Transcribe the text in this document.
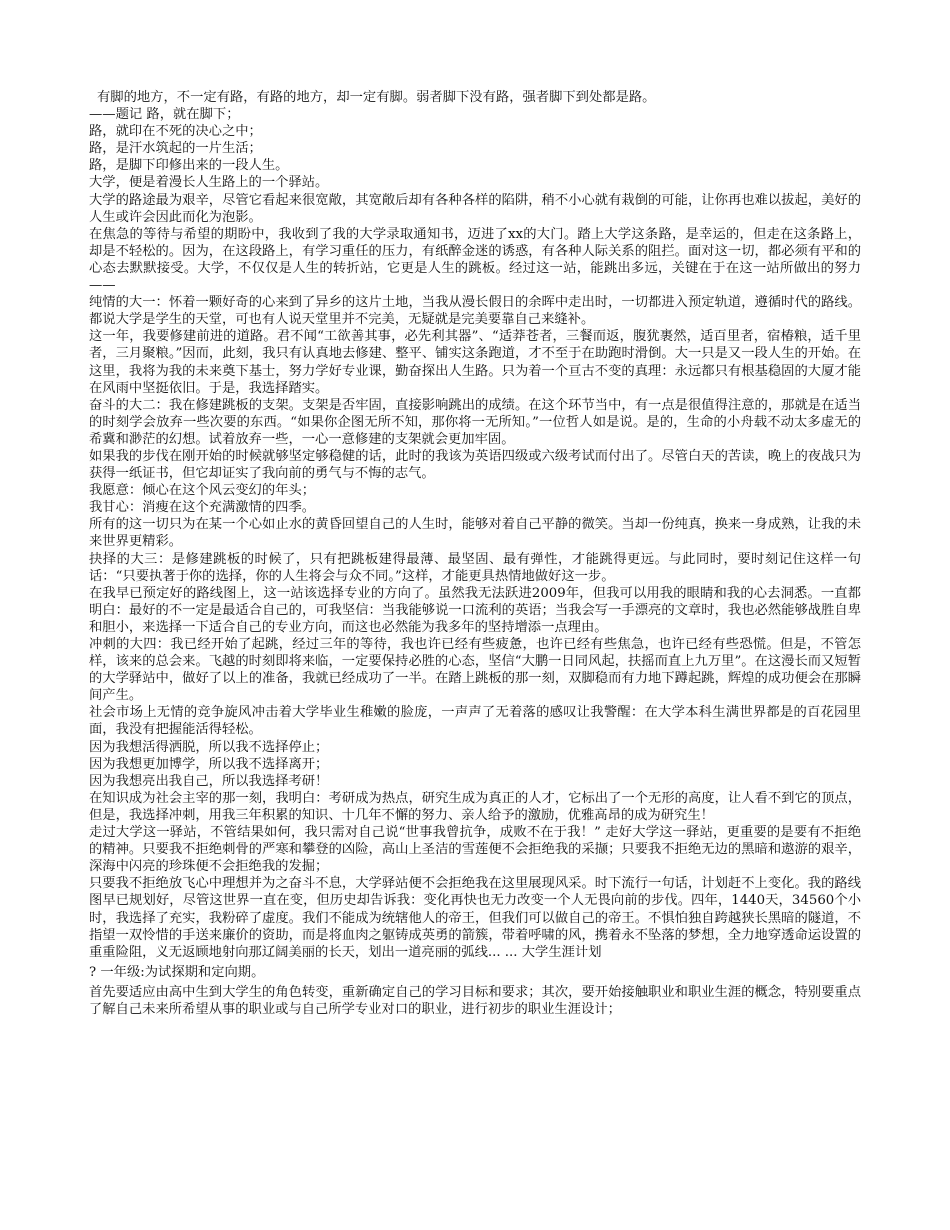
有脚的地方，不一定有路，有路的地方，却一定有脚。弱者脚下没有路，强者脚下到处都是路。

——题记 路，就在脚下；

路，就印在不死的决心之中；

路，是汗水筑起的一片生活；

路，是脚下印修出来的一段人生。

大学，便是着漫长人生路上的一个驿站。

大学的路途最为艰辛，尽管它看起来很宽敞，其宽敞后却有各种各样的陷阱，稍不小心就有栽倒的可能，让你再也难以拔起，美好的人生或许会因此而化为泡影。

在焦急的等待与希望的期盼中，我收到了我的大学录取通知书，迈进了xx的大门。踏上大学这条路，是幸运的，但走在这条路上，却是不轻松的。因为，在这段路上，有学习重任的压力，有纸醉金迷的诱惑，有各种人际关系的阻拦。面对这一切，都必须有平和的心态去默默接受。大学，不仅仅是人生的转折站，它更是人生的跳板。经过这一站，能跳出多远，关键在于在这一站所做出的努力——

纯情的大一：怀着一颗好奇的心来到了异乡的这片土地，当我从漫长假日的余晖中走出时，一切都进入预定轨道，遵循时代的路线。都说大学是学生的天堂，可也有人说天堂里并不完美，无疑就是完美要靠自己来缝补。

这一年，我要修建前进的道路。君不闻“工欲善其事，必先利其器”、“适莽苍者，三餐而返，腹犹裹然，适百里者，宿椿粮，适千里者，三月聚粮。”因而，此刻，我只有认真地去修建、整平、铺实这条跑道，才不至于在助跑时滑倒。大一只是又一段人生的开始。在这里，我将为我的未来奠下基士，努力学好专业课，勤奋探出人生路。只为着一个亘古不变的真理：永远都只有根基稳固的大厦才能在风雨中坚挺依旧。于是，我选择踏实。

奋斗的大二：我在修建跳板的支架。支架是否牢固，直接影响跳出的成绩。在这个环节当中，有一点是很值得注意的，那就是在适当的时刻学会放弃一些次要的东西。“如果你企图无所不知，那你将一无所知。”一位哲人如是说。是的，生命的小舟载不动太多虚无的希冀和渺茫的幻想。试着放弃一些，一心一意修建的支架就会更加牢固。

如果我的步伐在刚开始的时候就够坚定够稳健的话，此时的我该为英语四级或六级考试而付出了。尽管白天的苦读，晚上的夜战只为获得一纸证书，但它却证实了我向前的勇气与不悔的志气。

我愿意：倾心在这个风云变幻的年头；

我甘心：消瘦在这个充满激情的四季。

所有的这一切只为在某一个心如止水的黄昏回望自己的人生时，能够对着自己平静的微笑。当却一份纯真，换来一身成熟，让我的未来世界更精彩。

抉择的大三：是修建跳板的时候了，只有把跳板建得最薄、最坚固、最有弹性，才能跳得更远。与此同时，要时刻记住这样一句话：“只要执著于你的选择，你的人生将会与众不同。”这样，才能更具热情地做好这一步。

在我早已预定好的路线图上，这一站该选择专业的方向了。虽然我无法跃进2009年，但我可以用我的眼睛和我的心去洞悉。一直都明白：最好的不一定是最适合自己的，可我坚信：当我能够说一口流利的英语；当我会写一手漂亮的文章时，我也必然能够战胜自卑和胆小，来选择一下适合自己的专业方向，而这也必然能为我多年的坚持增添一点理由。

冲刺的大四：我已经开始了起跳，经过三年的等待，我也许已经有些疲惫，也许已经有些焦急，也许已经有些恐慌。但是，不管怎样，该来的总会来。飞越的时刻即将来临，一定要保持必胜的心态，坚信“大鹏一日同风起，扶摇而直上九万里”。在这漫长而又短暂的大学驿站中，做好了以上的准备，我就已经成功了一半。在踏上跳板的那一刻，双脚稳而有力地下蹲起跳，辉煌的成功便会在那瞬间产生。

社会市场上无情的竞争旋风冲击着大学毕业生稚嫩的脸庞，一声声了无着落的感叹让我警醒：在大学本科生满世界都是的百花园里面，我没有把握能活得轻松。

因为我想活得洒脱，所以我不选择停止；

因为我想更加博学，所以我不选择离开；

因为我想亮出我自己，所以我选择考研！

在知识成为社会主宰的那一刻，我明白：考研成为热点，研究生成为真正的人才，它标出了一个无形的高度，让人看不到它的顶点，但是，我选择冲刺，用我三年积累的知识、十几年不懈的努力、亲人给予的激励，优雅高昂的成为研究生！

走过大学这一驿站，不管结果如何，我只需对自己说“世事我曾抗争，成败不在于我！” 走好大学这一驿站，更重要的是要有不拒绝的精神。只要我不拒绝刺骨的严寒和攀登的凶险，高山上圣洁的雪莲便不会拒绝我的采撷；只要我不拒绝无边的黑暗和遨游的艰辛，深海中闪亮的珍珠便不会拒绝我的发掘；

只要我不拒绝放飞心中理想并为之奋斗不息，大学驿站便不会拒绝我在这里展现风采。时下流行一句话，计划赶不上变化。我的路线图早已规划好，尽管这世界一直在变，但历史却告诉我：变化再快也无力改变一个人无畏向前的步伐。四年，1440天，34560个小时，我选择了充实，我粉碎了虚度。我们不能成为统辖他人的帝王，但我们可以做自己的帝王。不惧怕独自跨越狭长黑暗的隧道，不指望一双怜惜的手送来廉价的资助，而是将血肉之躯铸成英勇的箭簇，带着呼啸的风，携着永不坠落的梦想，全力地穿透命运设置的重重险阻，义无返顾地射向那辽阔美丽的长天，划出一道亮丽的弧线... ... 大学生涯计划

? 一年级:为试探期和定向期。

首先要适应由高中生到大学生的角色转变，重新确定自己的学习目标和要求；其次，要开始接触职业和职业生涯的概念，特别要重点了解自己未来所希望从事的职业或与自己所学专业对口的职业，进行初步的职业生涯设计；
